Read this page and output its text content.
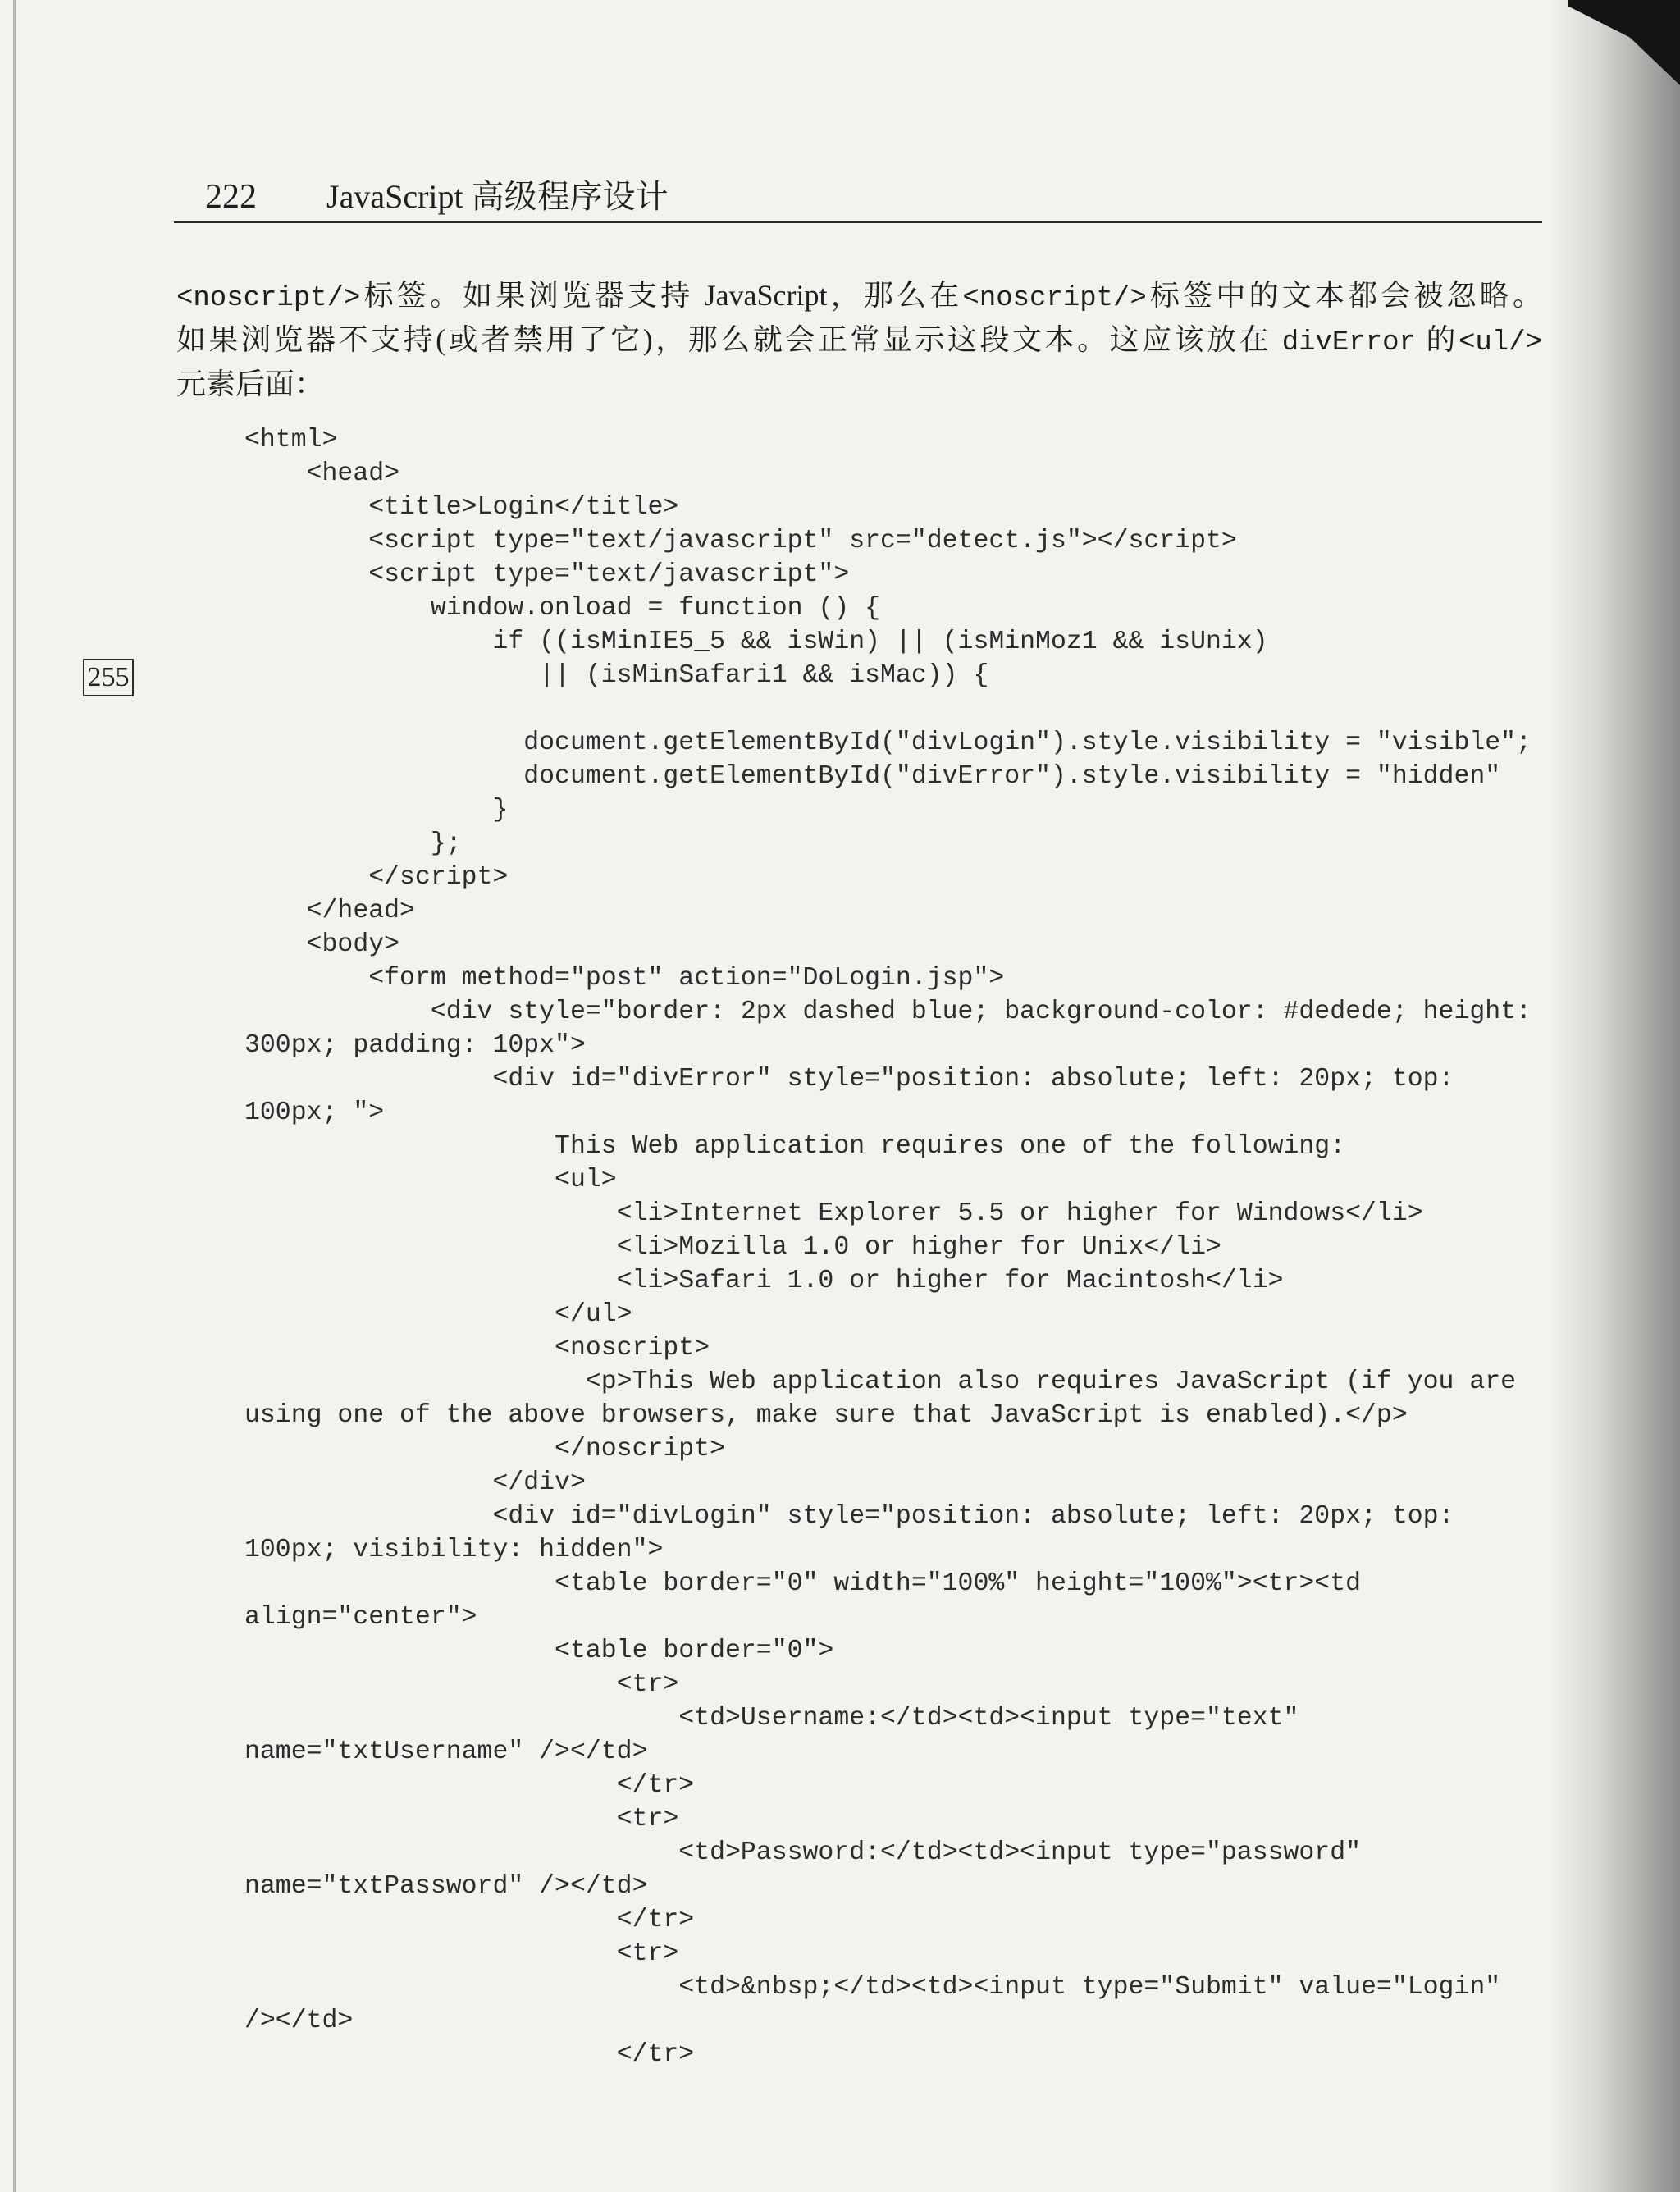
222 JavaScript 高级程序设计
<noscript/>标签。如果浏览器支持 JavaScript，那么在<noscript/>标签中的文本都会被忽略。
如果浏览器不支持(或者禁用了它)，那么就会正常显示这段文本。这应该放在 divError 的<ul/>
元素后面：
255
<html>
<head>
<title>Login</title>
<script type="text/javascript" src="detect.js"></script>
<script type="text/javascript">
window.onload = function () {
if ((isMinIE5_5 && isWin) || (isMinMoz1 && isUnix)
|| (isMinSafari1 && isMac)) {
document.getElementById("divLogin").style.visibility = "visible";
document.getElementById("divError").style.visibility = "hidden"
}
};
</script>
</head>
<body>
<form method="post" action="DoLogin.jsp">
<div style="border: 2px dashed blue; background-color: #dedede; height:
300px; padding: 10px">
<div id="divError" style="position: absolute; left: 20px; top:
100px; ">
This Web application requires one of the following:
<ul>
<li>Internet Explorer 5.5 or higher for Windows</li>
<li>Mozilla 1.0 or higher for Unix</li>
<li>Safari 1.0 or higher for Macintosh</li>
</ul>
<noscript>
<p>This Web application also requires JavaScript (if you are
using one of the above browsers, make sure that JavaScript is enabled).</p>
</noscript>
</div>
<div id="divLogin" style="position: absolute; left: 20px; top:
100px; visibility: hidden">
<table border="0" width="100%" height="100%"><tr><td
align="center">
<table border="0">
<tr>
<td>Username:</td><td><input type="text"
name="txtUsername" /></td>
</tr>
<tr>
<td>Password:</td><td><input type="password"
name="txtPassword" /></td>
</tr>
<tr>
<td>&nbsp;</td><td><input type="Submit" value="Login"
/></td>
</tr>
